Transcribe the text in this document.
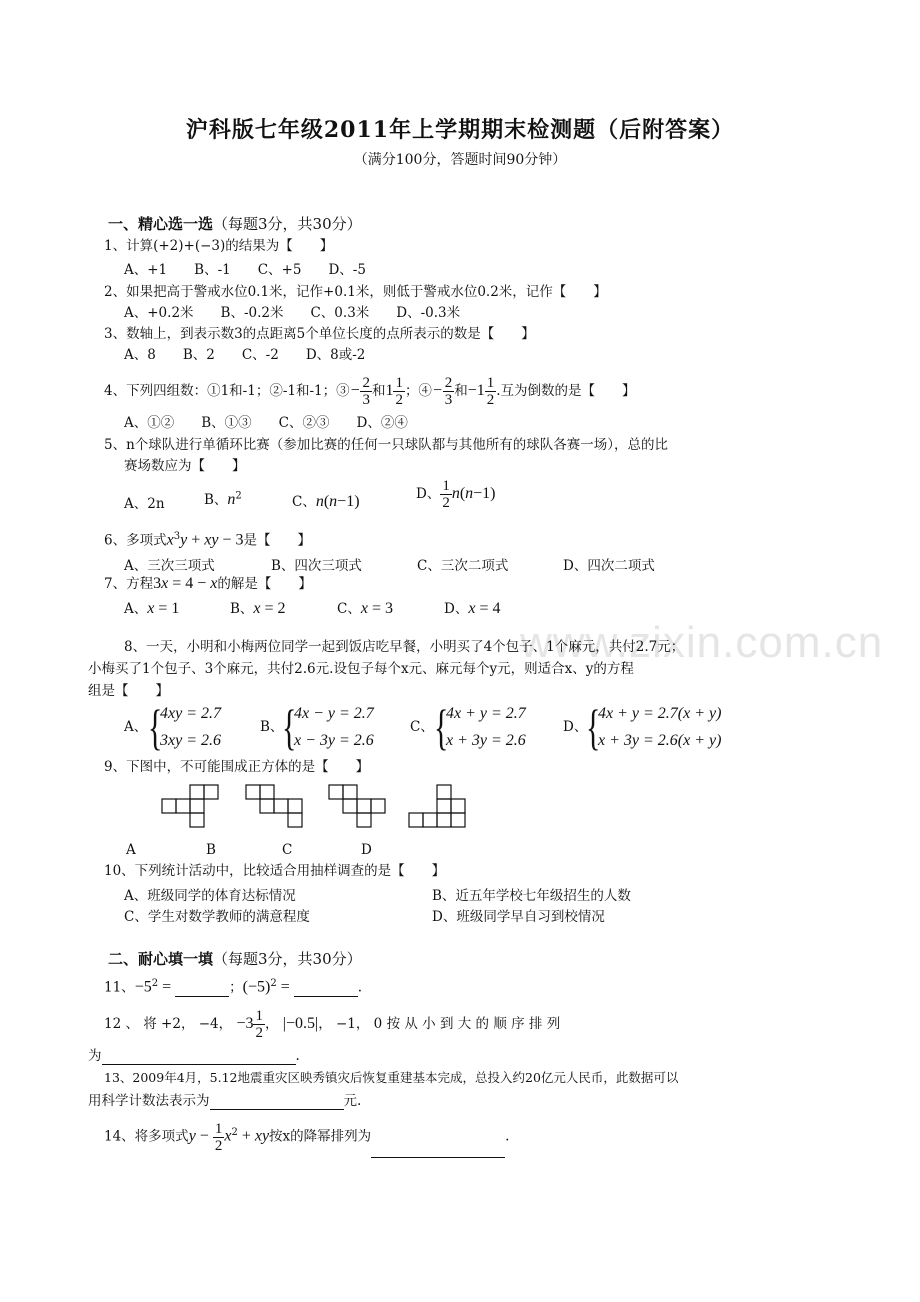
www.zixin.com.cn
沪科版七年级2011年上学期期末检测题（后附答案）
（满分100分，答题时间90分钟）
一、精心选一选（每题3分，共30分）
1、计算(+2)+(−3)的结果为【　　】
A、+1　　B、-1　　C、+5　　D、-5
2、如果把高于警戒水位0.1米，记作+0.1米，则低于警戒水位0.2米，记作【　　】
A、+0.2米　　B、-0.2米　　C、0.3米　　D、-0.3米
3、数轴上，到表示数3的点距离5个单位长度的点所表示的数是【　　】
A、8　　B、2　　C、-2　　D、8或-2
4、下列四组数：①1和-1；②-1和-1；③− $\frac{2}{3}$ 和$1 \frac{1}{2}$ ；④− $\frac{2}{3}$ 和$-1 \frac{1}{2}$ .互为倒数的是【　　】
A、①②　　B、①③　　C、②③　　D、②④
5、n个球队进行单循环比赛（参加比赛的任何一只球队都与其他所有的球队各赛一场），总的比
赛场数应为【　　】
A、2n	B、$n^2$	C、n(n−1)	D、 $\frac{1}{2} n(n-1)$
6、多项式$x^3y$ + xy − 3是【　　】
A、三次三项式	B、四次三项式	C、三次二项式	D、四次二项式
7、方程3x = 4 − x的解是【　　】
A、x = 1	B、x = 2	C、x = 3	D、x = 4
8、一天，小明和小梅两位同学一起到饭店吃早餐，小明买了4个包子、1个麻元，共付2.7元；
小梅买了1个包子、3个麻元，共付2.6元.设包子每个x元、麻元每个y元，则适合x、y的方程
组是【　　】
A、 {
4xy = 2.7
3xy = 2.6
B、
{
4x − y = 2.7
x − 3y = 2.6
C、 {
4x + y = 2.7
x + 3y = 2.6
D、
{
4x + y = 2.7(x + y)
x + 3y = 2.6(x + y)
9、下图中，不可能围成正方体的是【　　】
A	B	C	D
10、下列统计活动中，比较适合用抽样调查的是【　　】
A、班级同学的体育达标情况	B、近五年学校七年级招生的人数
C、学生对数学教师的满意程度	D、班级同学早自习到校情况
二、耐心填一填（每题3分，共30分）
11、$-5^2$ =	；$(-5)^2$ =	.
12 、 将 +2， −4， $-3 \frac{1}{2}$ ， |−0.5|， −1， 0 按 从 小 到 大 的 顺 序 排 列
为	.
13、2009年4月，5.12地震重灾区映秀镇灾后恢复重建基本完成，总投入约20亿元人民币，此数据可以
用科学计数法表示为	元.
14、将多项式$y - \frac{1}{2} x^2$ + xy按x的降幂排列为	.
